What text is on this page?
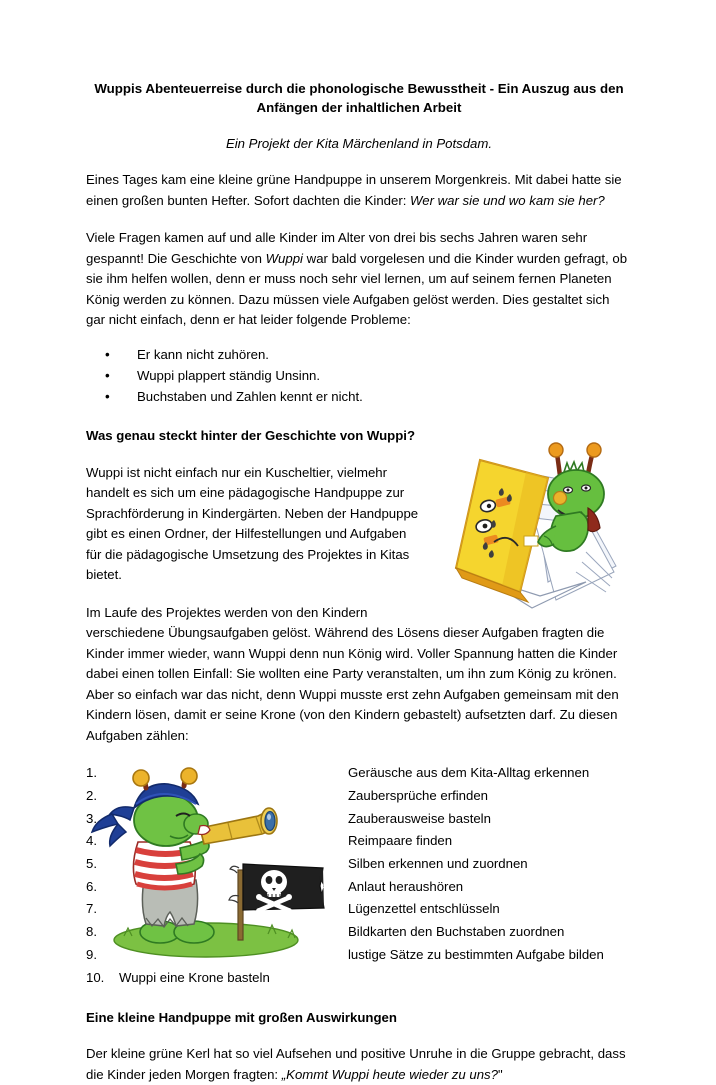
Wuppis Abenteuerreise durch die phonologische Bewusstheit - Ein Auszug aus den Anfängen der inhaltlichen Arbeit
Ein Projekt der Kita Märchenland in Potsdam.

Eines Tages kam eine kleine grüne Handpuppe in unserem Morgenkreis. Mit dabei hatte sie einen großen bunten Hefter. Sofort dachten die Kinder: Wer war sie und wo kam sie her?

Viele Fragen kamen auf und alle Kinder im Alter von drei bis sechs Jahren waren sehr gespannt! Die Geschichte von Wuppi war bald vorgelesen und die Kinder wurden gefragt, ob sie ihm helfen wollen, denn er muss noch sehr viel lernen, um auf seinem fernen Planeten König werden zu können. Dazu müssen viele Aufgaben gelöst werden. Dies gestaltet sich gar nicht einfach, denn er hat leider folgende Probleme:

• Er kann nicht zuhören.
• Wuppi plappert ständig Unsinn.
• Buchstaben und Zahlen kennt er nicht.
Was genau steckt hinter der Geschichte von Wuppi?

Wuppi ist nicht einfach nur ein Kuscheltier, vielmehr handelt es sich um eine pädagogische Handpuppe zur Sprachförderung in Kindergärten. Neben der Handpuppe gibt es einen Ordner, der Hilfestellungen und Aufgaben für die pädagogische Umsetzung des Projektes in Kitas bietet.

Im Laufe des Projektes werden von den Kindern verschiedene Übungsaufgaben gelöst. Während des Lösens dieser Aufgaben fragten die Kinder immer wieder, wann Wuppi denn nun König wird. Voller Spannung hatten die Kinder dabei einen tollen Einfall: Sie wollten eine Party veranstalten, um ihn zum König zu krönen. Aber so einfach war das nicht, denn Wuppi musste erst zehn Aufgaben gemeinsam mit den Kindern lösen, damit er seine Krone (von den Kindern gebastelt) aufsetzten darf. Zu diesen Aufgaben zählen:

Geräusche aus dem Kita-Alltag erkennen
Zaubersprüche erfinden
Zauberausweise basteln
Reimpaare finden
Silben erkennen und zuordnen
Anlaut heraushören
Lügenzettel entschlüsseln
Bildkarten den Buchstaben zuordnen
lustige Sätze zu bestimmten Aufgabe bilden
Wuppi eine Krone basteln
Eine kleine Handpuppe mit großen Auswirkungen

Der kleine grüne Kerl hat so viel Aufsehen und positive Unruhe in die Gruppe gebracht, dass die Kinder jeden Morgen fragten: „Kommt Wuppi heute wieder zu uns?"
